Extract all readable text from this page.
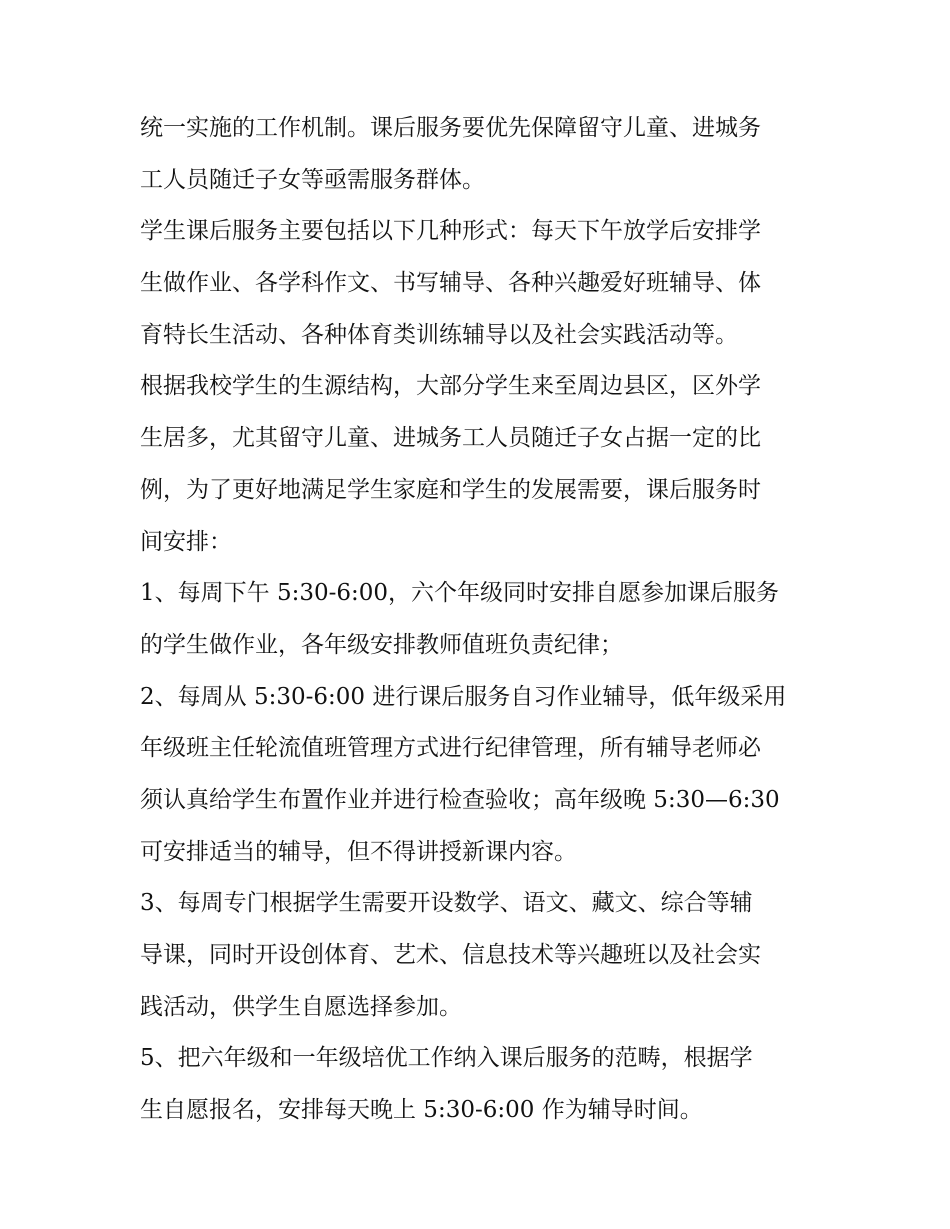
统一实施的工作机制。课后服务要优先保障留守儿童、进城务
工人员随迁子女等亟需服务群体。
学生课后服务主要包括以下几种形式：每天下午放学后安排学
生做作业、各学科作文、书写辅导、各种兴趣爱好班辅导、体
育特长生活动、各种体育类训练辅导以及社会实践活动等。
根据我校学生的生源结构，大部分学生来至周边县区，区外学
生居多，尤其留守儿童、进城务工人员随迁子女占据一定的比
例，为了更好地满足学生家庭和学生的发展需要，课后服务时
间安排：
1、每周下午 5:30-6:00，六个年级同时安排自愿参加课后服务
的学生做作业，各年级安排教师值班负责纪律；
2、每周从 5:30-6:00 进行课后服务自习作业辅导，低年级采用
年级班主任轮流值班管理方式进行纪律管理，所有辅导老师必
须认真给学生布置作业并进行检查验收；高年级晚 5:30—6:30
可安排适当的辅导，但不得讲授新课内容。
3、每周专门根据学生需要开设数学、语文、藏文、综合等辅
导课，同时开设创体育、艺术、信息技术等兴趣班以及社会实
践活动，供学生自愿选择参加。
5、把六年级和一年级培优工作纳入课后服务的范畴，根据学
生自愿报名，安排每天晚上 5:30-6:00 作为辅导时间。
